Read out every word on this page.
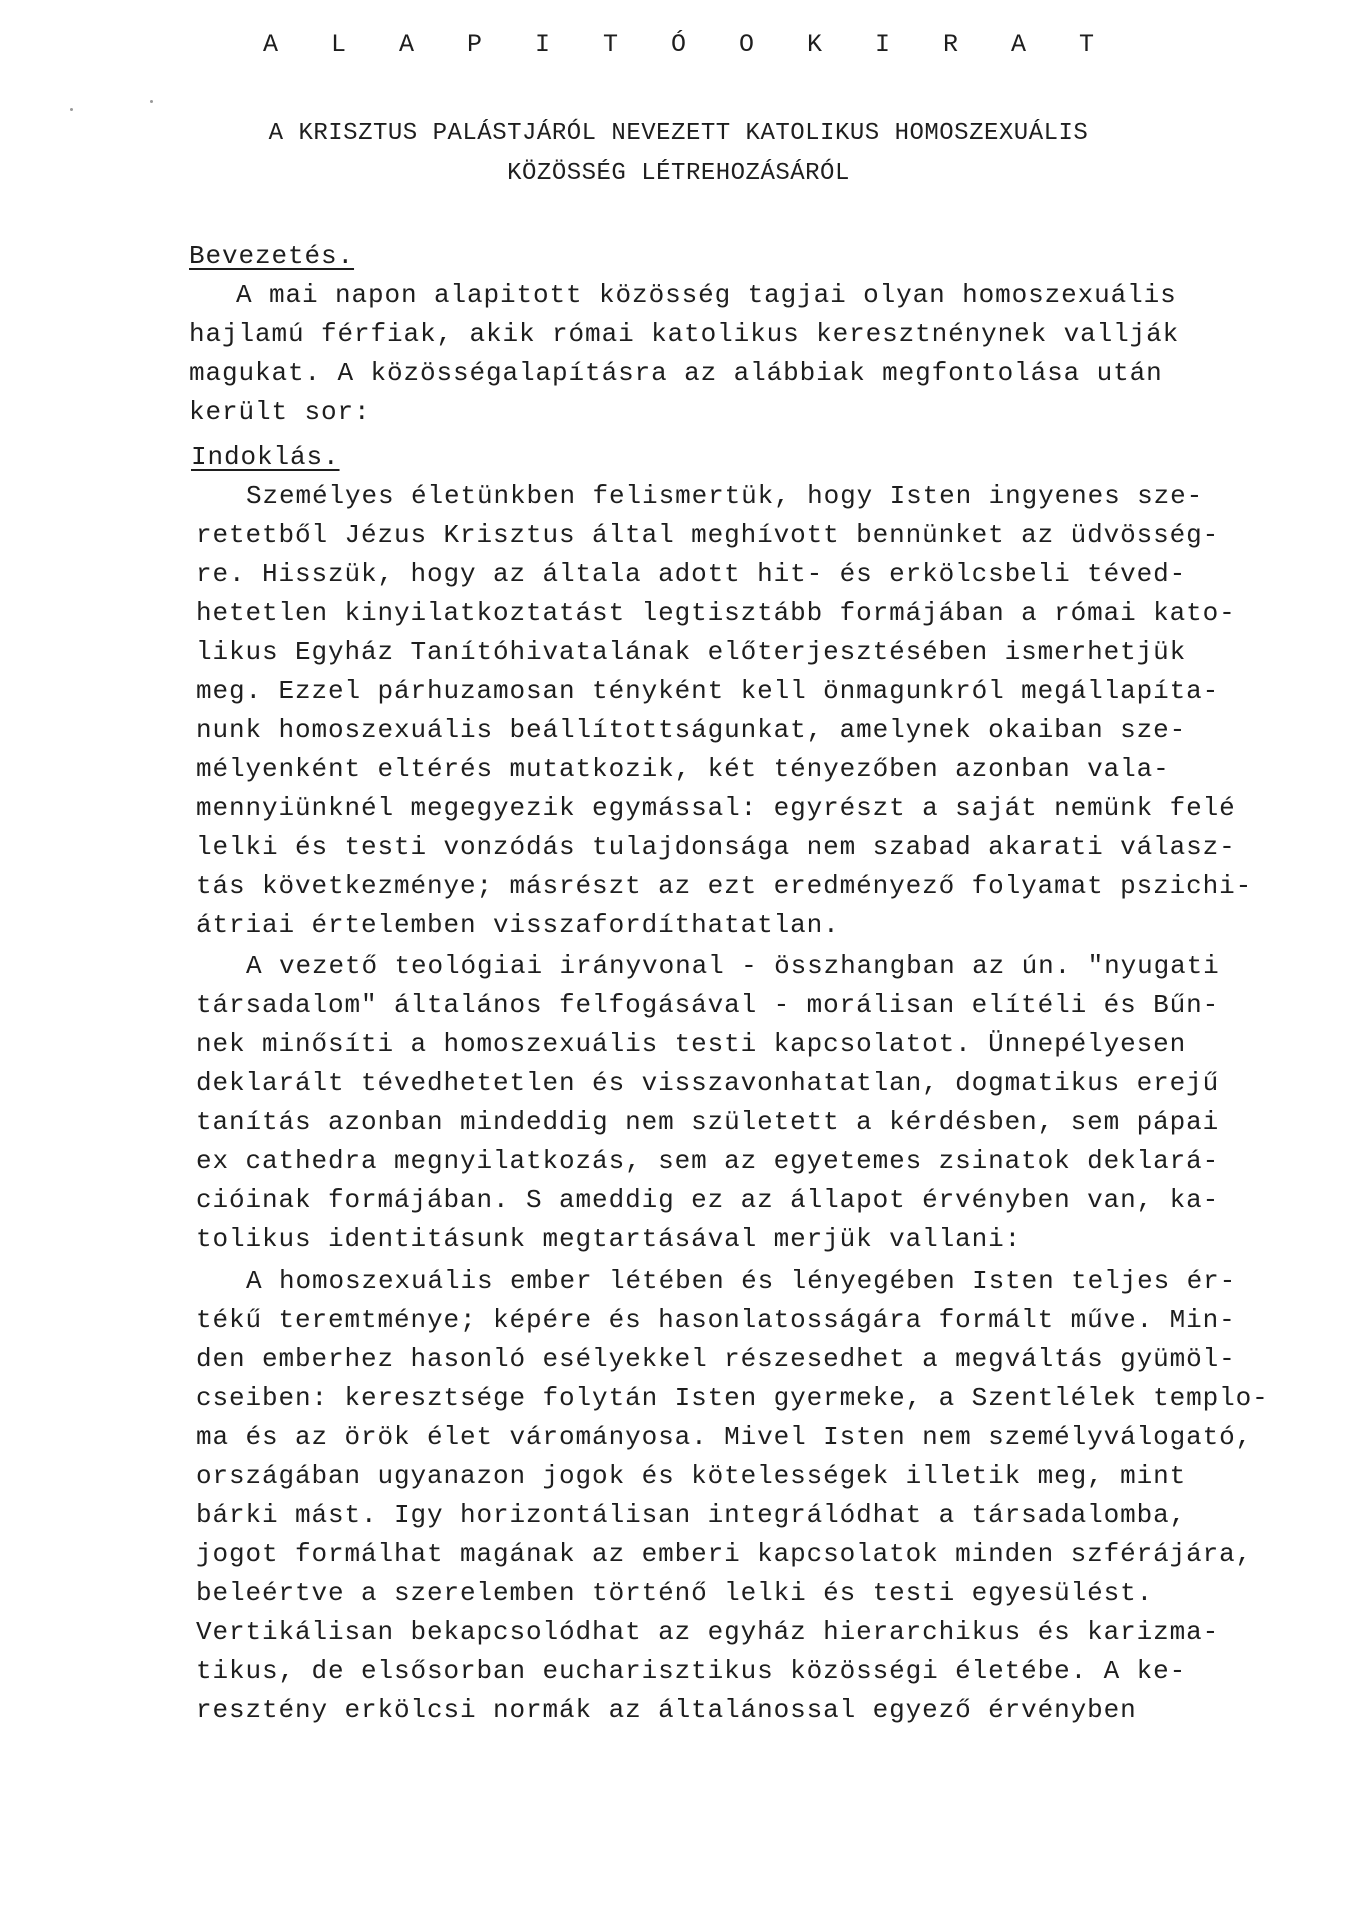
A L A P I T Ó O K I R A T
A KRISZTUS PALÁSTJÁRÓL NEVEZETT KATOLIKUS HOMOSZEXUÁLIS
KÖZÖSSÉG LÉTREHOZÁSÁRÓL
Bevezetés.
A mai napon alapitott közösség tagjai olyan homoszexuális
hajlamú férfiak, akik római katolikus keresztnénynek vallják
magukat. A közösségalapításra az alábbiak megfontolása után
került sor:
Indoklás.
Személyes életünkben felismertük, hogy Isten ingyenes sze-
retetből Jézus Krisztus által meghívott bennünket az üdvösség-
re. Hisszük, hogy az általa adott hit- és erkölcsbeli téved-
hetetlen kinyilatkoztatást legtisztább formájában a római kato-
likus Egyház Tanítóhivatalának előterjesztésében ismerhetjük
meg. Ezzel párhuzamosan tényként kell önmagunkról megállapíta-
nunk homoszexuális beállítottságunkat, amelynek okaiban sze-
mélyenként eltérés mutatkozik, két tényezőben azonban vala-
mennyiünknél megegyezik egymással: egyrészt a saját nemünk felé
lelki és testi vonzódás tulajdonsága nem szabad akarati válasz-
tás következménye; másrészt az ezt eredményező folyamat pszichi-
átriai értelemben visszafordíthatatlan.
A vezető teológiai irányvonal - összhangban az ún. "nyugati
társadalom" általános felfogásával - morálisan elítéli és Bűn-
nek minősíti a homoszexuális testi kapcsolatot. Ünnepélyesen
deklarált tévedhetetlen és visszavonhatatlan, dogmatikus erejű
tanítás azonban mindeddig nem született a kérdésben, sem pápai
ex cathedra megnyilatkozás, sem az egyetemes zsinatok deklará-
cióinak formájában. S ameddig ez az állapot érvényben van, ka-
tolikus identitásunk megtartásával merjük vallani:
A homoszexuális ember létében és lényegében Isten teljes ér-
tékű teremtménye; képére és hasonlatosságára formált műve. Min-
den emberhez hasonló esélyekkel részesedhet a megváltás gyümöl-
cseiben: keresztsége folytán Isten gyermeke, a Szentlélek templo-
ma és az örök élet várományosa. Mivel Isten nem személyválogató,
országában ugyanazon jogok és kötelességek illetik meg, mint
bárki mást. Igy horizontálisan integrálódhat a társadalomba,
jogot formálhat magának az emberi kapcsolatok minden szférájára,
beleértve a szerelemben történő lelki és testi egyesülést.
Vertikálisan bekapcsolódhat az egyház hierarchikus és karizma-
tikus, de elsősorban eucharisztikus közösségi életébe. A ke-
resztény erkölcsi normák az általánossal egyező érvényben
